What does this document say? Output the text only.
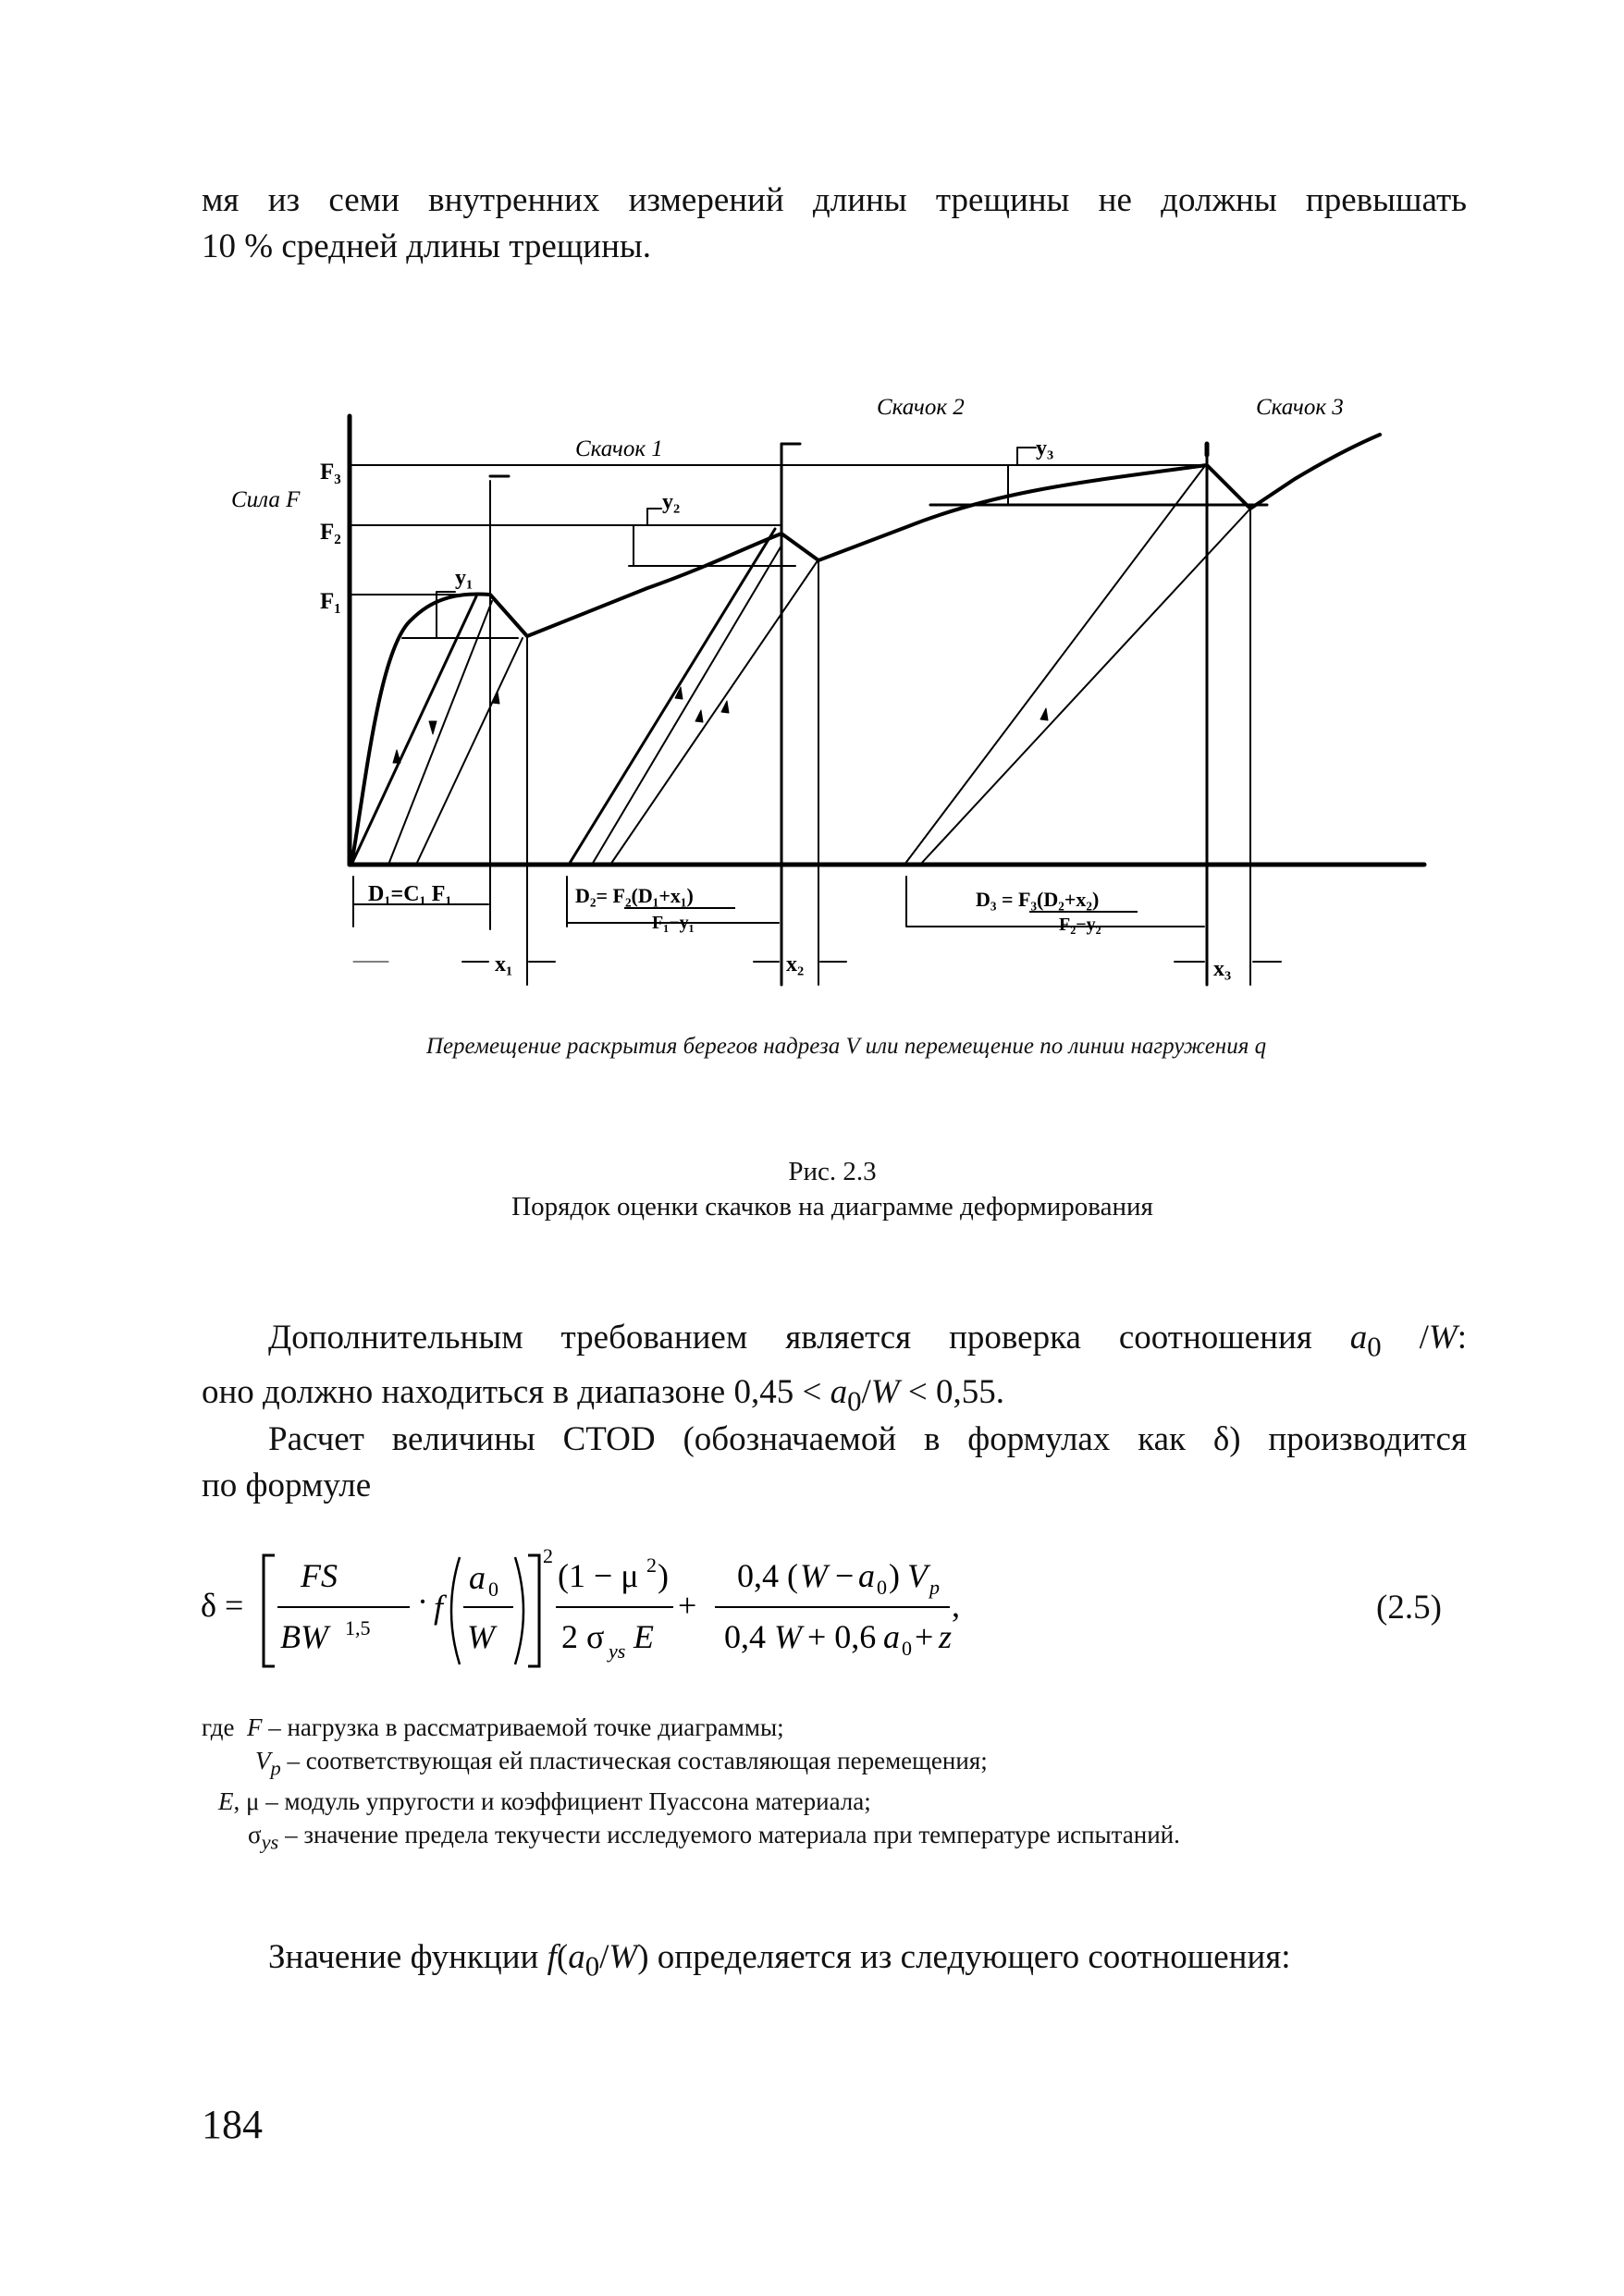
мя из семи внутренних измерений длины трещины не должны превышать
10 % средней длины трещины.
Сила F
F₃
F₂
F₁
Скачок 1
Скачок 2	Скачок 3
y₁
y₂
y₃
D₁=C₁ F₁	D₂= F₂(D₁+x₁)
F₁−y₁
D₃ = F₃(D₂+x₂)
F₂−y₂
x₁	x₂	x₃
Перемещение раскрытия берегов надреза V или перемещение по линии нагружения q
Рис. 2.3
Порядок оценки скачков на диаграмме деформирования
Дополнительным требованием является проверка соотношения $a_0$ /W:
оно должно находиться в диапазоне $0,45 < a_0/W < 0,55$.
Расчет величины CTOD (обозначаемой в формулах как δ) производится
по формуле
δ =
FS
BW 1,5
· f
a 0
W
2
(1 − μ 2 )
2 σ ys E
+
0,4 ( W − a 0 ) V p
0,4 W + 0,6 a 0 + z
,	(2.5)
где  F – нагрузка в рассматриваемой точке диаграммы;
$V_p$ – соответствующая ей пластическая составляющая перемещения;
E, μ – модуль упругости и коэффициент Пуассона материала;
$\sigma_{ys}$ – значение предела текучести исследуемого материала при температуре испытаний.
Значение функции $f(a_0/W)$ определяется из следующего соотношения:
184
